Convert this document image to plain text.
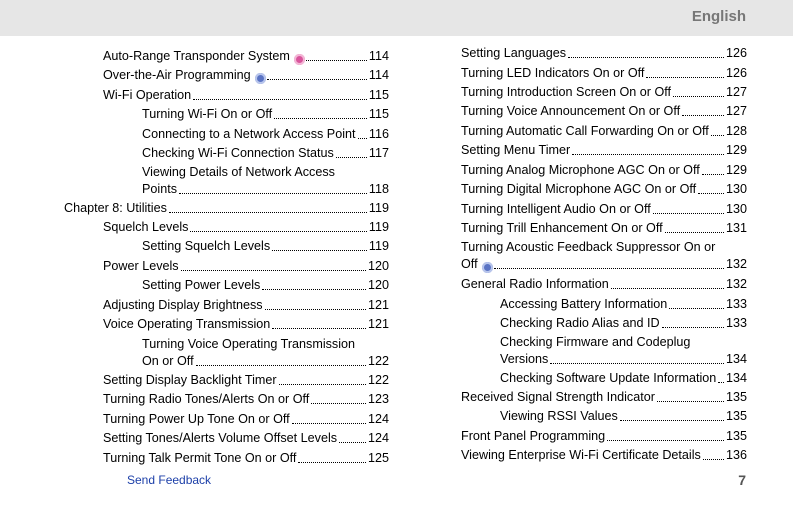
English
Auto-Range Transponder System	114
Over-the-Air Programming	114
Wi-Fi Operation	115
Turning Wi-Fi On or Off	115
Connecting to a Network Access Point 116
Checking Wi-Fi Connection Status	117
Viewing Details of Network Access
Points	118
Chapter 8: Utilities	119
Squelch Levels	119
Setting Squelch Levels	119
Power Levels	120
Setting Power Levels	120
Adjusting Display Brightness	121
Voice Operating Transmission	121
Turning Voice Operating Transmission
On or Off	122
Setting Display Backlight Timer	122
Turning Radio Tones/Alerts On or Off	123
Turning Power Up Tone On or Off	124
Setting Tones/Alerts Volume Offset Levels 124
Turning Talk Permit Tone On or Off	125
Setting Languages	126
Turning LED Indicators On or Off	126
Turning Introduction Screen On or Off	127
Turning Voice Announcement On or Off	127
Turning Automatic Call Forwarding On or Off 128
Setting Menu Timer	129
Turning Analog Microphone AGC On or Off 129
Turning Digital Microphone AGC On or Off 130
Turning Intelligent Audio On or Off	130
Turning Trill Enhancement On or Off	131
Turning Acoustic Feedback Suppressor On or
Off	132
General Radio Information	132
Accessing Battery Information	133
Checking Radio Alias and ID	133
Checking Firmware and Codeplug
Versions	134
Checking Software Update Information 134
Received Signal Strength Indicator	135
Viewing RSSI Values	135
Front Panel Programming	135
Viewing Enterprise Wi-Fi Certificate Details 136
Send Feedback	7
